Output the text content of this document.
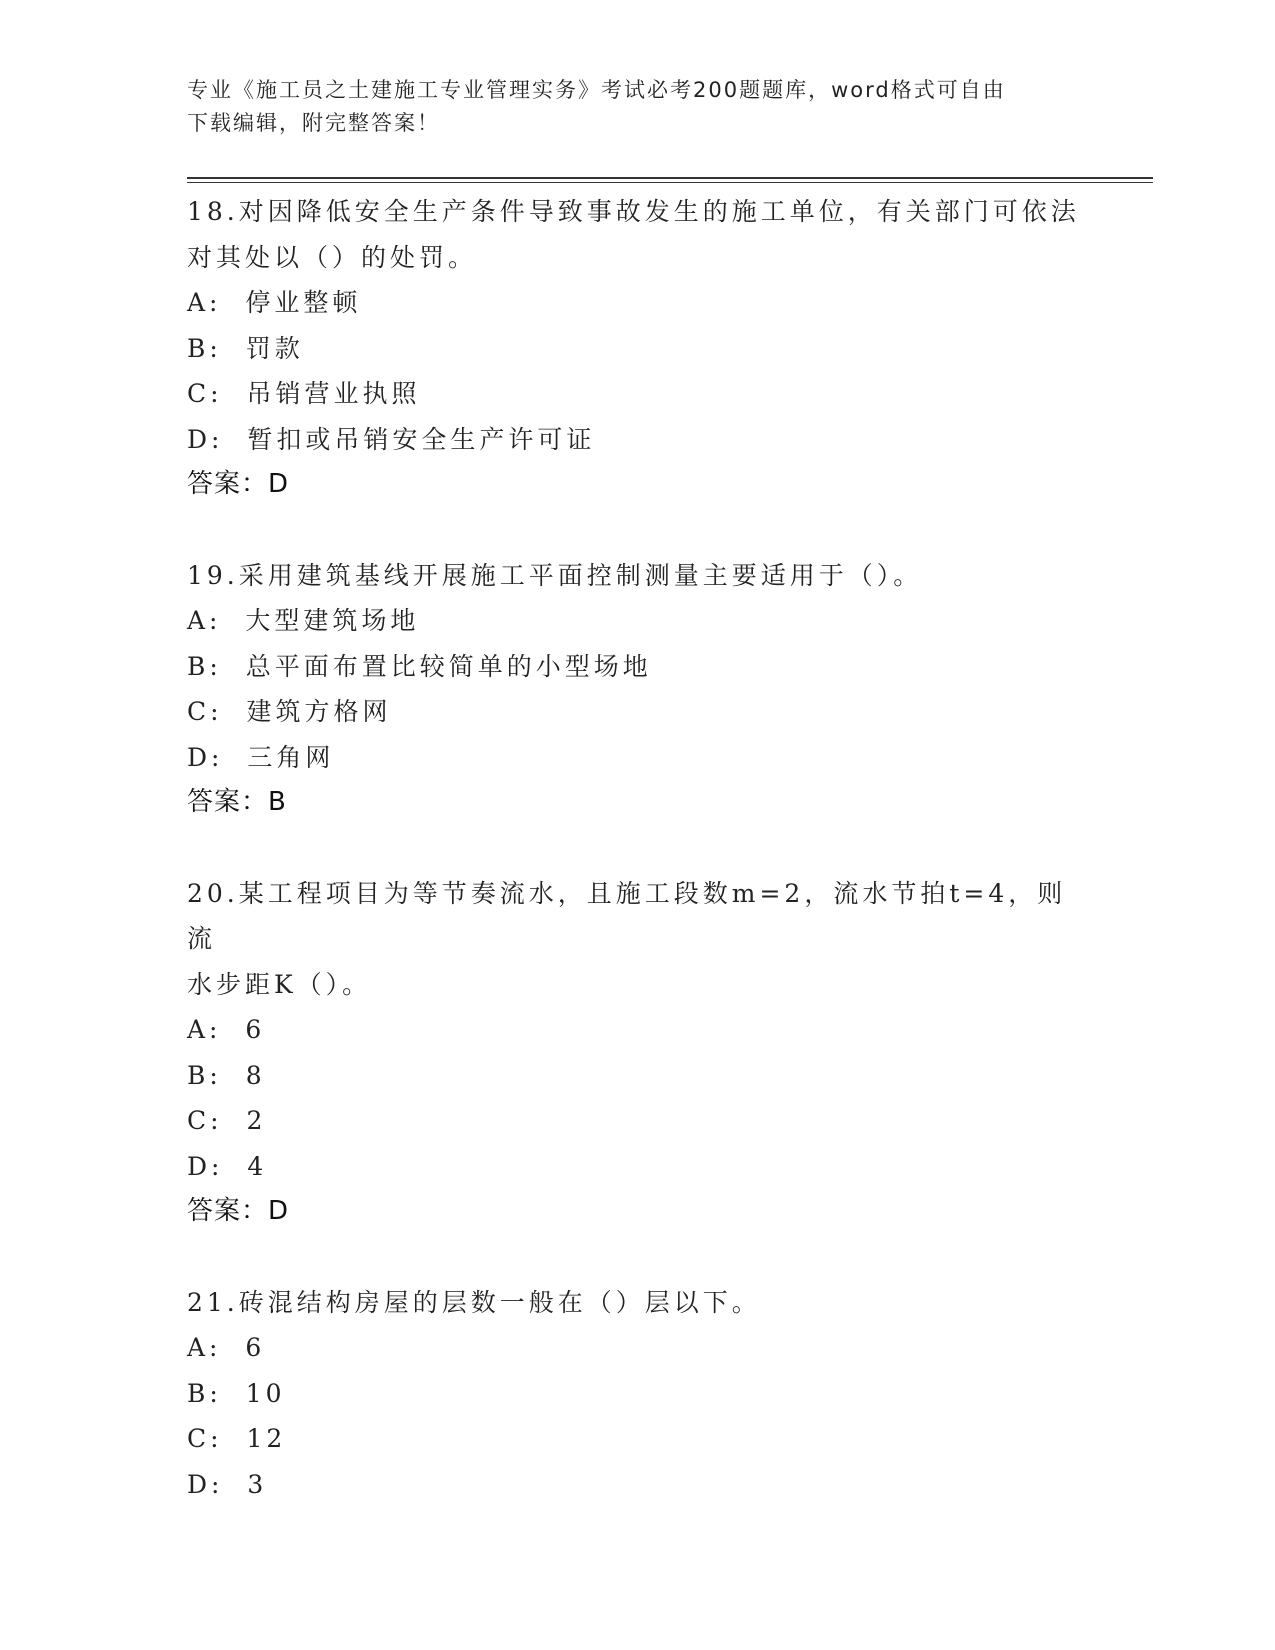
专业《施工员之土建施工专业管理实务》考试必考200题题库，word格式可自由
下载编辑，附完整答案！
18.对因降低安全生产条件导致事故发生的施工单位，有关部门可依法
对其处以（）的处罚。
A:  停业整顿
B:  罚款
C:  吊销营业执照
D:  暂扣或吊销安全生产许可证
答案：D
19.采用建筑基线开展施工平面控制测量主要适用于（）。
A:  大型建筑场地
B:  总平面布置比较简单的小型场地
C:  建筑方格网
D:  三角网
答案：B
20.某工程项目为等节奏流水，且施工段数m=2，流水节拍t=4，则流
水步距K（）。
A:  6
B:  8
C:  2
D:  4
答案：D
21.砖混结构房屋的层数一般在（）层以下。
A:  6
B:  10
C:  12
D:  3
